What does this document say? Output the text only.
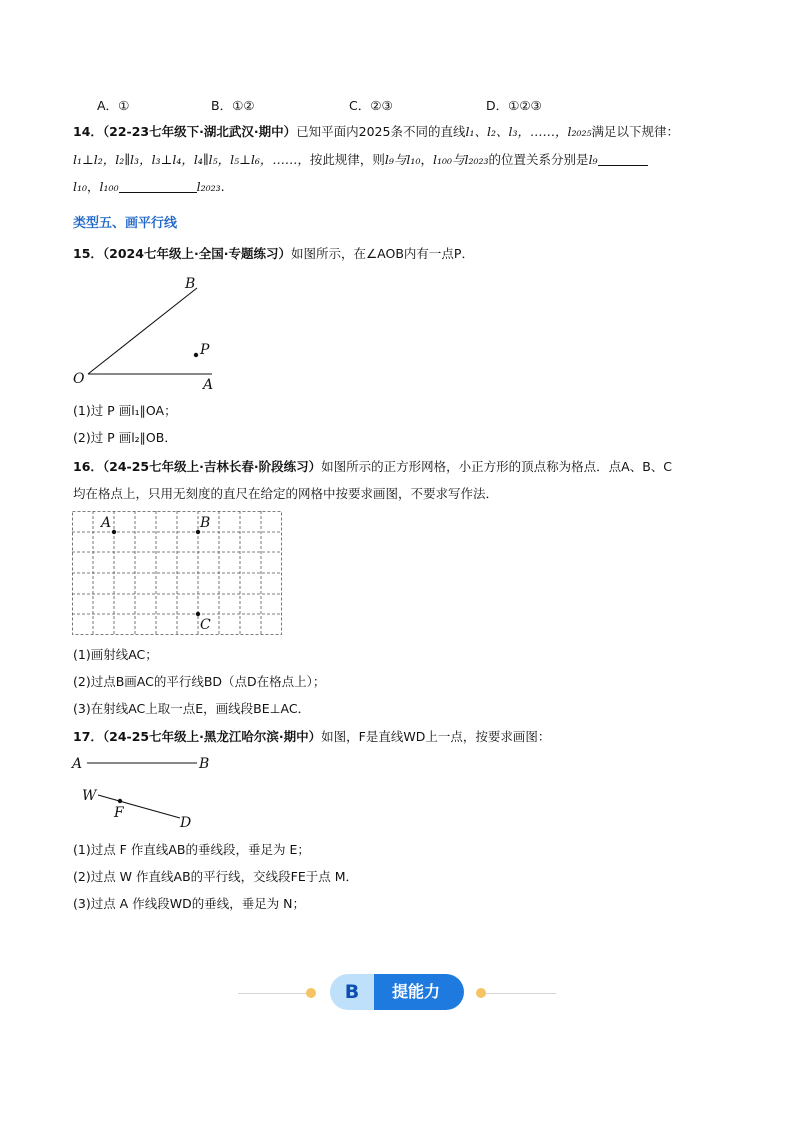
A．①	B．①②	C．②③	D．①②③
14．（22-23七年级下·湖北武汉·期中）已知平面内2025条不同的直线l₁、l₂、l₃，……，l₂₀₂₅满足以下规律：
l₁⊥l₂，l₂∥l₃，l₃⊥l₄，l₄∥l₅，l₅⊥l₆，……，按此规律，则l₉与l₁₀，l₁₀₀与l₂₀₂₃的位置关系分别是l₉
l₁₀，l₁₀₀	l₂₀₂₃.
类型五、画平行线
15．（2024七年级上·全国·专题练习）如图所示，在∠AOB内有一点P．
B
O	A
P
(1)过 P 画l₁∥OA；
(2)过 P 画l₂∥OB．
16．（24-25七年级上·吉林长春·阶段练习）如图所示的正方形网格，小正方形的顶点称为格点．点A、B、C
均在格点上，只用无刻度的直尺在给定的网格中按要求画图，不要求写作法．
A	B
C
(1)画射线AC；
(2)过点B画AC的平行线BD（点D在格点上）；
(3)在射线AC上取一点E，画线段BE⊥AC．
17．（24-25七年级上·黑龙江哈尔滨·期中）如图，F是直线WD上一点，按要求画图：
A	B
W
F
D
(1)过点 F 作直线AB的垂线段，垂足为 E；
(2)过点 W 作直线AB的平行线，交线段FE于点 M．
(3)过点 A 作线段WD的垂线，垂足为 N；
提能力
B
